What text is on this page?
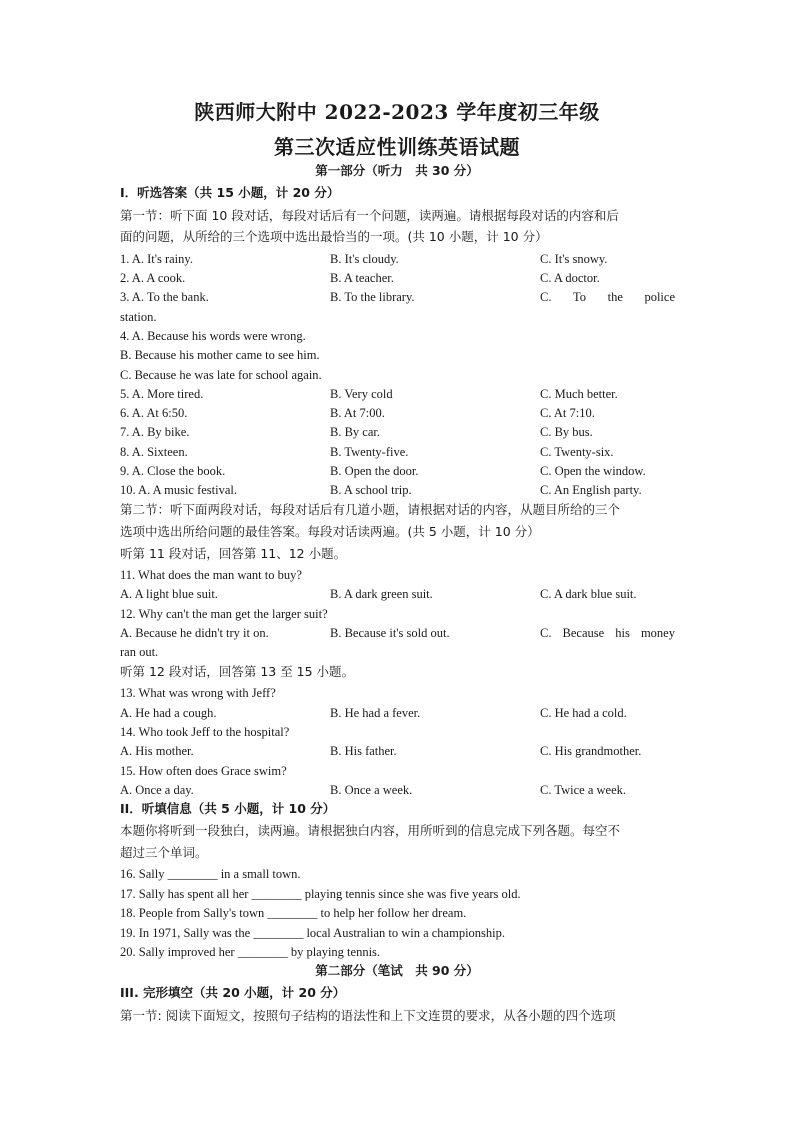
陕西师大附中 2022-2023 学年度初三年级
第三次适应性训练英语试题
第一部分（听力　共 30 分）
I．听选答案（共 15 小题，计 20 分）
第一节：听下面 10 段对话，每段对话后有一个问题，读两遍。请根据每段对话的内容和后
面的问题，从所给的三个选项中选出最恰当的一项。(共 10 小题，计 10 分）
1. A. It's rainy.	B. It's cloudy.	C. It's snowy.
2. A. A cook.	B. A teacher.	C. A doctor.
3. A. To the bank.	B. To the library.	C. To the police
station.
4. A. Because his words were wrong.
B. Because his mother came to see him.
C. Because he was late for school again.
5. A. More tired.	B. Very cold	C. Much better.
6. A. At 6:50.	B. At 7:00.	C. At 7:10.
7. A. By bike.	B. By car.	C. By bus.
8. A. Sixteen.	B. Twenty-five.	C. Twenty-six.
9. A. Close the book.	B. Open the door.	C. Open the window.
10. A. A music festival.	B. A school trip.	C. An English party.
第二节：听下面两段对话，每段对话后有几道小题，请根据对话的内容，从题目所给的三个
选项中选出所给问题的最佳答案。每段对话读两遍。(共 5 小题，计 10 分）
听第 11 段对话，回答第 11、12 小题。
11. What does the man want to buy?
A. A light blue suit.	B. A dark green suit.	C. A dark blue suit.
12. Why can't the man get the larger suit?
A. Because he didn't try it on.	B. Because it's sold out.	C. Because his money
ran out.
听第 12 段对话，回答第 13 至 15 小题。
13. What was wrong with Jeff?
A. He had a cough.	B. He had a fever.	C. He had a cold.
14. Who took Jeff to the hospital?
A. His mother.	B. His father.	C. His grandmother.
15. How often does Grace swim?
A. Once a day.	B. Once a week.	C. Twice a week.
II．听填信息（共 5 小题，计 10 分）
本题你将听到一段独白，读两遍。请根据独白内容，用所听到的信息完成下列各题。每空不
超过三个单词。
16. Sally ________ in a small town.
17. Sally has spent all her ________ playing tennis since she was five years old.
18. People from Sally's town ________ to help her follow her dream.
19. In 1971, Sally was the ________ local Australian to win a championship.
20. Sally improved her ________ by playing tennis.
第二部分（笔试　共 90 分）
III. 完形填空（共 20 小题，计 20 分）
第一节: 阅读下面短文，按照句子结构的语法性和上下文连贯的要求，从各小题的四个选项
